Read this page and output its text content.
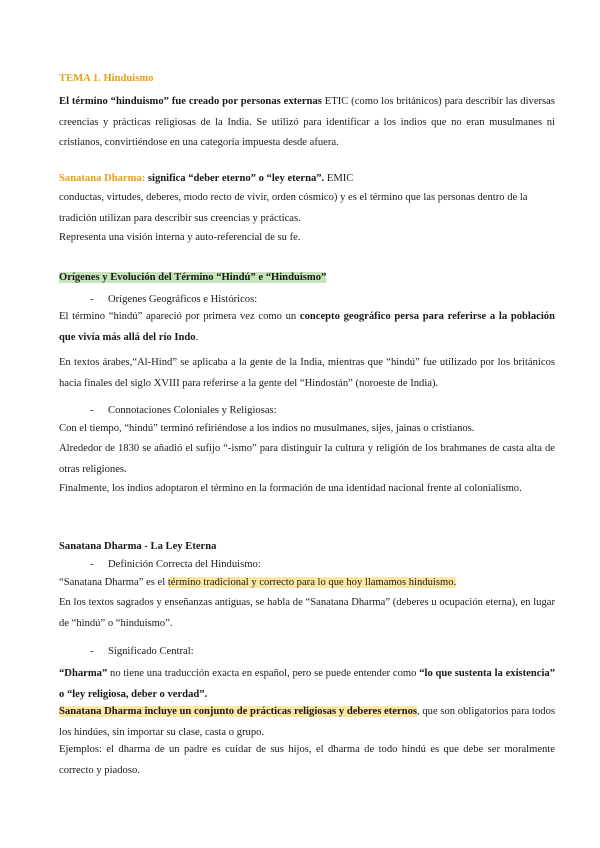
TEMA 1. Hinduismo

El término “hinduismo” fue creado por personas externas ETIC (como los británicos) para describir las diversas creencias y prácticas religiosas de la India. Se utilizó para identificar a los indios que no eran musulmanes ni cristianos, convirtiéndose en una categoría impuesta desde afuera.

Sanatana Dharma: significa “deber eterno” o “ley eterna”. EMIC

conductas, virtudes, deberes, modo recto de vivir, orden cósmico) y es el término que las personas dentro de la tradición utilizan para describir sus creencias y prácticas.

Representa una visión interna y auto-referencial de su fe.

Orígenes y Evolución del Término “Hindú” e “Hinduismo”

- Orígenes Geográficos e Históricos:

El término “hindú” apareció por primera vez como un concepto geográfico persa para referirse a la población que vivía más allá del río Indo.

En textos árabes,“Al-Hind” se aplicaba a la gente de la India, mientras que “hindú” fue utilizado por los británicos hacia finales del siglo XVIII para referirse a la gente del “Hindostán” (noroeste de India).

- Connotaciones Coloniales y Religiosas:

Con el tiempo, “hindú” terminó refiriéndose a los indios no musulmanes, sijes, jainas o cristianos.

Alrededor de 1830 se añadió el sufijo “-ismo” para distinguir la cultura y religión de los brahmanes de casta alta de otras religiones.

Finalmente, los indios adoptaron el término en la formación de una identidad nacional frente al colonialismo.

Sanatana Dharma - La Ley Eterna
- Definición Correcta del Hinduismo:

“Sanatana Dharma” es el término tradicional y correcto para lo que hoy llamamos hinduismo.

En los textos sagrados y enseñanzas antiguas, se habla de “Sanatana Dharma” (deberes u ocupación eterna), en lugar de “hindú” o “hinduismo”.

- Significado Central:

“Dharma” no tiene una traducción exacta en español, pero se puede entender como “lo que sustenta la existencia” o “ley religiosa, deber o verdad”.

Sanatana Dharma incluye un conjunto de prácticas religiosas y deberes eternos, que son obligatorios para todos los hindúes, sin importar su clase, casta o grupo.

Ejemplos: el dharma de un padre es cuidar de sus hijos, el dharma de todo hindú es que debe ser moralmente correcto y piadoso.
